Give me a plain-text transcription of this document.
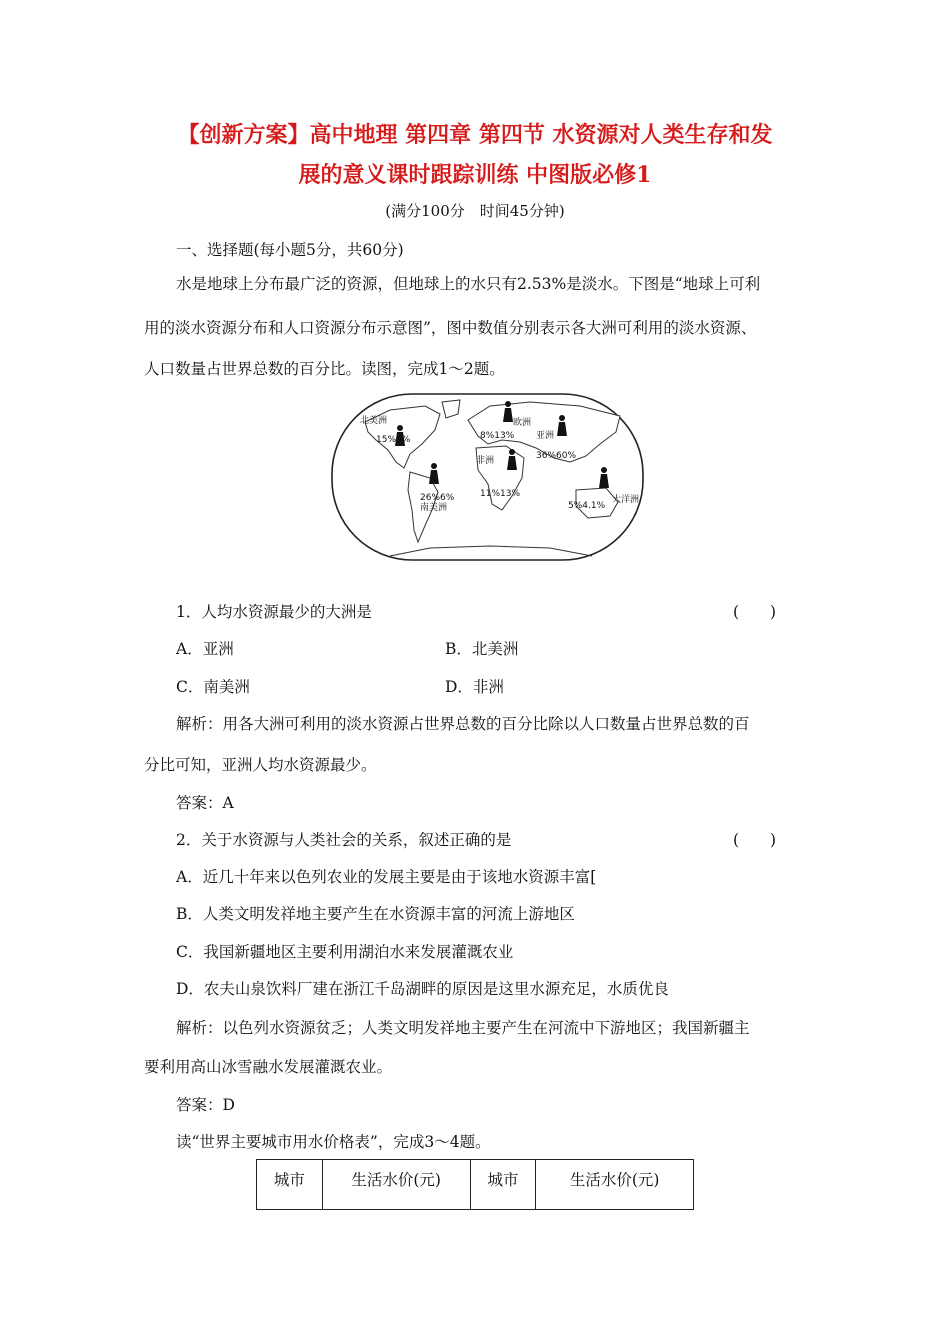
【创新方案】高中地理 第四章 第四节 水资源对人类生存和发
展的意义课时跟踪训练 中图版必修1
(满分100分　时间45分钟)
一、选择题(每小题5分，共60分)
水是地球上分布最广泛的资源，但地球上的水只有2.53%是淡水。下图是“地球上可利
用的淡水资源分布和人口资源分布示意图”，图中数值分别表示各大洲可利用的淡水资源、
人口数量占世界总数的百分比。读图，完成1～2题。
北美洲
15%8%
欧洲
8%13% 亚洲
36%60%
非洲
11%13%
26%6%
南美洲
大洋洲
5%4.1%
1．人均水资源最少的大洲是	(　　)
A．亚洲	B．北美洲
C．南美洲	D．非洲
解析：用各大洲可利用的淡水资源占世界总数的百分比除以人口数量占世界总数的百
分比可知，亚洲人均水资源最少。
答案：A
2．关于水资源与人类社会的关系，叙述正确的是	(　　)
A．近几十年来以色列农业的发展主要是由于该地水资源丰富[
B．人类文明发祥地主要产生在水资源丰富的河流上游地区
C．我国新疆地区主要利用湖泊水来发展灌溉农业
D．农夫山泉饮料厂建在浙江千岛湖畔的原因是这里水源充足，水质优良
解析：以色列水资源贫乏；人类文明发祥地主要产生在河流中下游地区；我国新疆主
要利用高山冰雪融水发展灌溉农业。
答案：D
读“世界主要城市用水价格表”，完成3～4题。
城市	生活水价(元)	城市	生活水价(元)
